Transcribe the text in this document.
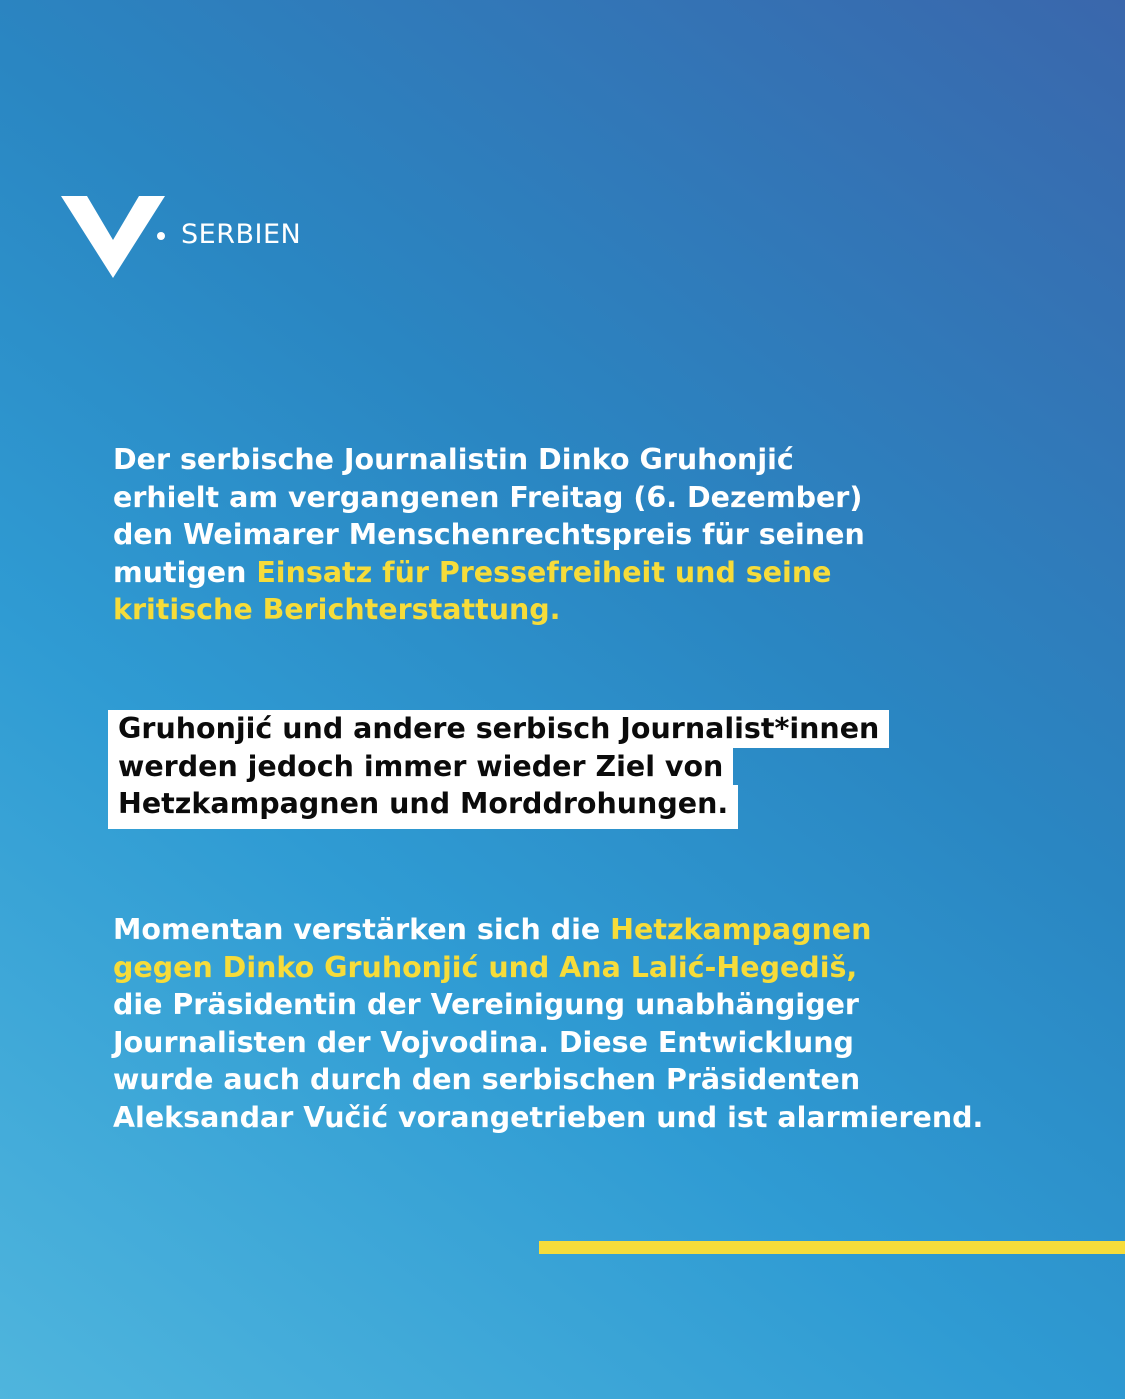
SERBIEN
Der serbische Journalistin Dinko Gruhonjić
erhielt am vergangenen Freitag (6. Dezember)
den Weimarer Menschenrechtspreis für seinen
mutigen Einsatz für Pressefreiheit und seine
kritische Berichterstattung.
Gruhonjić und andere serbisch Journalist*innen
werden jedoch immer wieder Ziel von
Hetzkampagnen und Morddrohungen.
Momentan verstärken sich die Hetzkampagnen
gegen Dinko Gruhonjić und Ana Lalić-Hegediš,
die Präsidentin der Vereinigung unabhängiger
Journalisten der Vojvodina. Diese Entwicklung
wurde auch durch den serbischen Präsidenten
Aleksandar Vučić vorangetrieben und ist alarmierend.
